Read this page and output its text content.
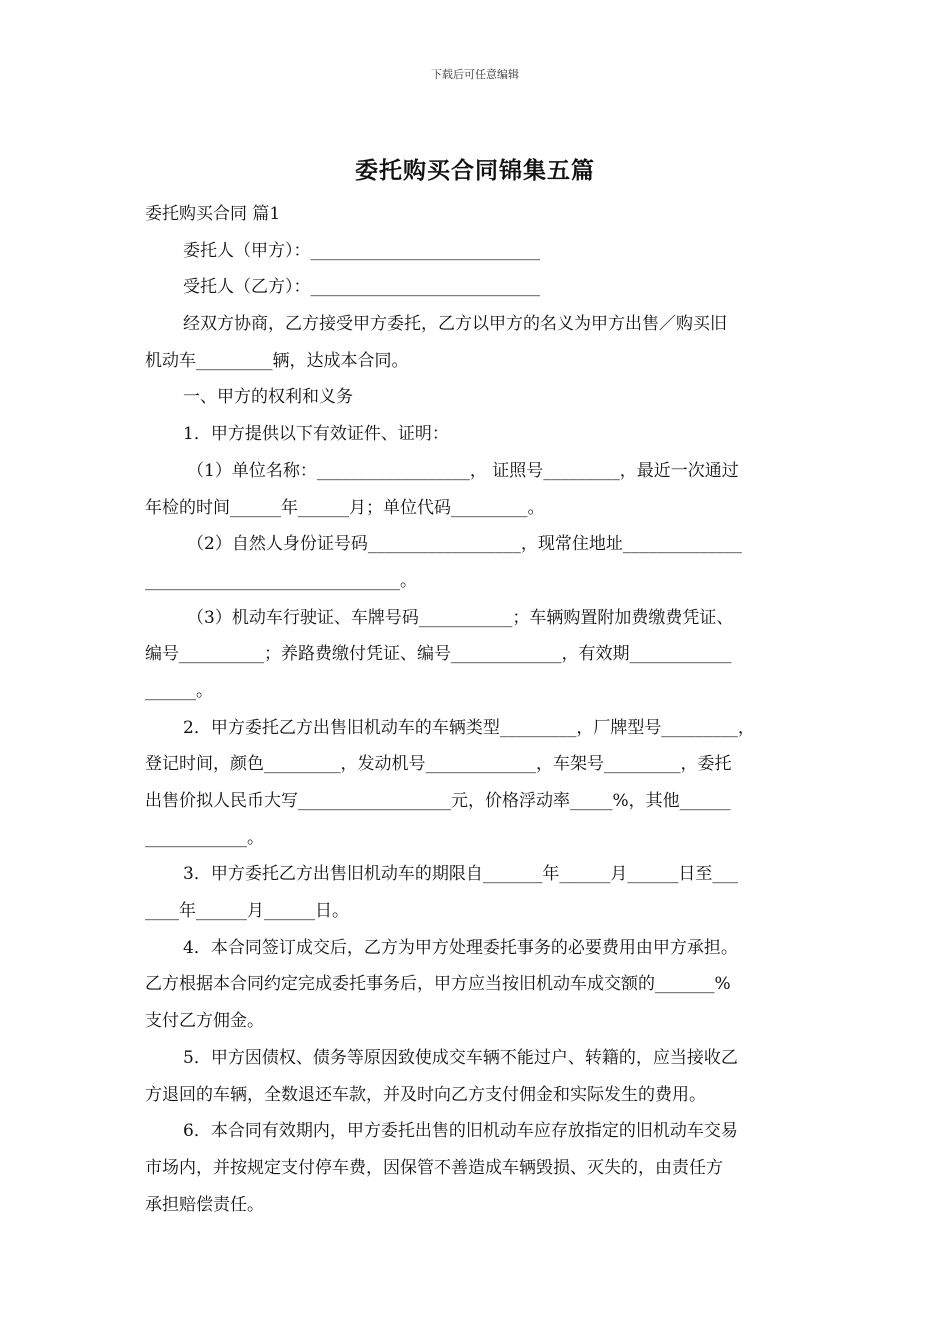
下载后可任意编辑
委托购买合同锦集五篇
委托购买合同 篇1
委托人（甲方）：___________________________
受托人（乙方）：___________________________
经双方协商，乙方接受甲方委托，乙方以甲方的名义为甲方出售／购买旧
机动车_________辆，达成本合同。
一、甲方的权利和义务
1．甲方提供以下有效证件、证明：
（1）单位名称：__________________， 证照号_________，最近一次通过
年检的时间______年______月；单位代码_________。
（2）自然人身份证号码__________________，现常住地址______________
______________________________。
（3）机动车行驶证、车牌号码___________；车辆购置附加费缴费凭证、
编号__________；养路费缴付凭证、编号_____________，有效期____________
______。
2．甲方委托乙方出售旧机动车的车辆类型_________，厂牌型号_________，
登记时间，颜色_________，发动机号_____________，车架号_________，委托
出售价拟人民币大写__________________元，价格浮动率_____%，其他______
____________。
3．甲方委托乙方出售旧机动车的期限自_______年______月______日至___
____年______月______日。
4．本合同签订成交后，乙方为甲方处理委托事务的必要费用由甲方承担。
乙方根据本合同约定完成委托事务后，甲方应当按旧机动车成交额的_______%
支付乙方佣金。
5．甲方因债权、债务等原因致使成交车辆不能过户、转籍的，应当接收乙
方退回的车辆，全数退还车款，并及时向乙方支付佣金和实际发生的费用。
6．本合同有效期内，甲方委托出售的旧机动车应存放指定的旧机动车交易
市场内，并按规定支付停车费，因保管不善造成车辆毁损、灭失的，由责任方
承担赔偿责任。
